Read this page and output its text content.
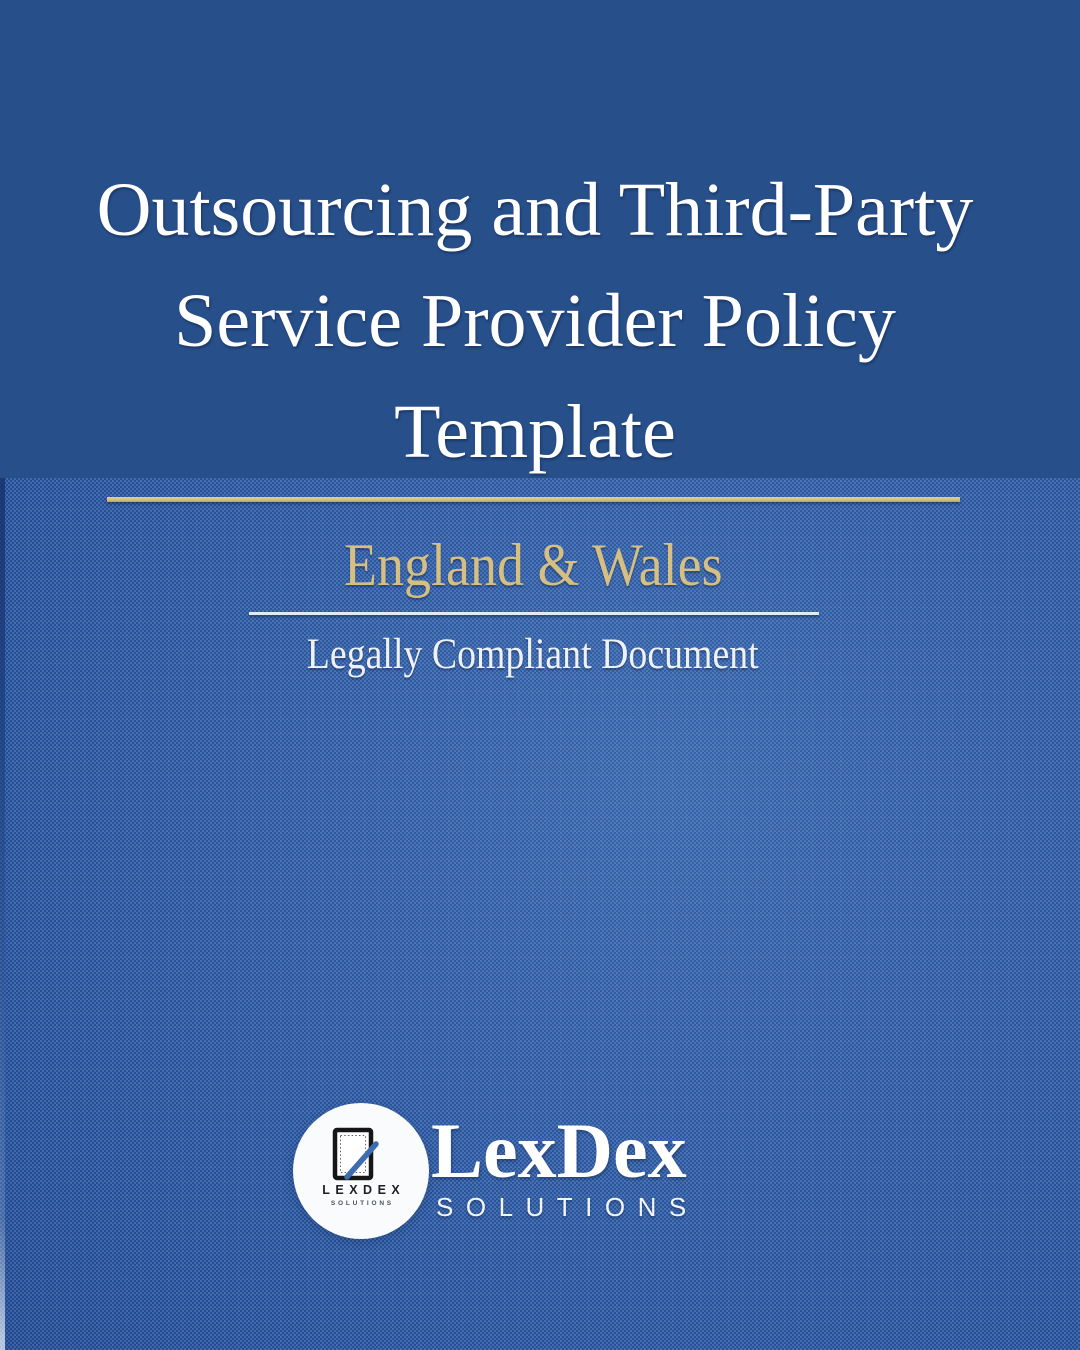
Outsourcing and Third-Party
Service Provider Policy
Template
England & Wales
Legally Compliant Document
LEXDEX
SOLUTIONS
LexDex
SOLUTIONS
